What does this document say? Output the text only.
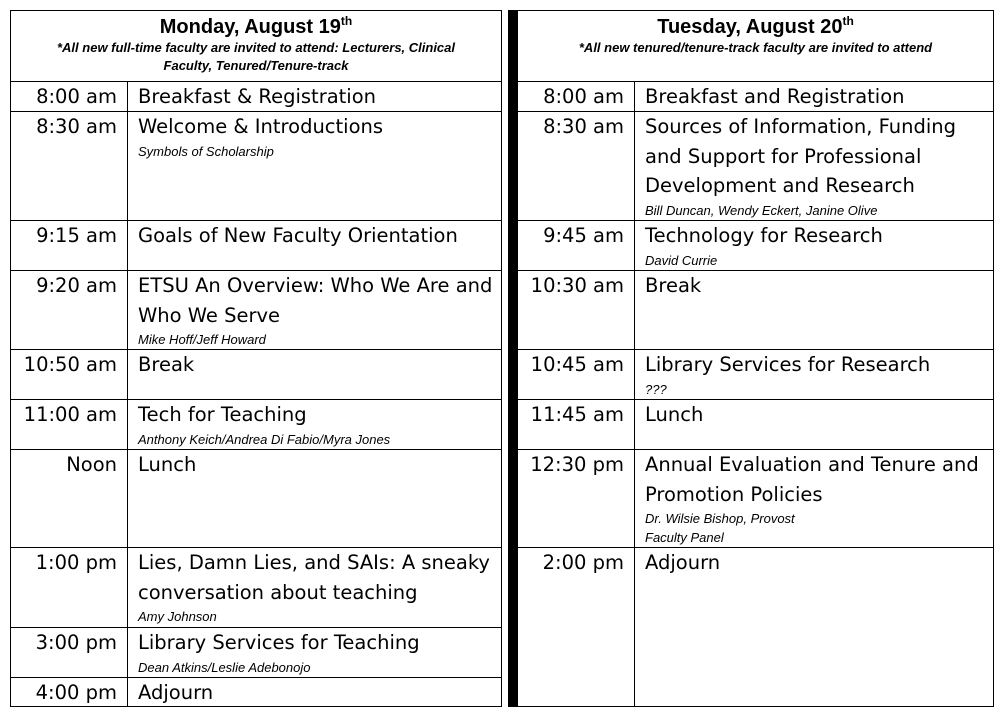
Monday, August 19th
*All new full-time faculty are invited to attend: Lecturers, Clinical Faculty, Tenured/Tenure-track
8:00 am	Breakfast & Registration
8:30 am	Welcome & Introductions
Symbols of Scholarship
9:15 am	Goals of New Faculty Orientation
9:20 am	ETSU An Overview: Who We Are and Who We Serve
Mike Hoff/Jeff Howard
10:50 am	Break
11:00 am	Tech for Teaching
Anthony Keich/Andrea Di Fabio/Myra Jones
Noon	Lunch
1:00 pm	Lies, Damn Lies, and SAIs: A sneaky conversation about teaching
Amy Johnson
3:00 pm	Library Services for Teaching
Dean Atkins/Leslie Adebonojo
4:00 pm	Adjourn
Tuesday, August 20th
*All new tenured/tenure-track faculty are invited to attend
8:00 am	Breakfast and Registration
8:30 am	Sources of Information, Funding and Support for Professional Development and Research
Bill Duncan, Wendy Eckert, Janine Olive
9:45 am	Technology for Research
David Currie
10:30 am	Break
10:45 am	Library Services for Research
???
11:45 am	Lunch
12:30 pm	Annual Evaluation and Tenure and Promotion Policies
Dr. Wilsie Bishop, Provost
Faculty Panel
2:00 pm	Adjourn
